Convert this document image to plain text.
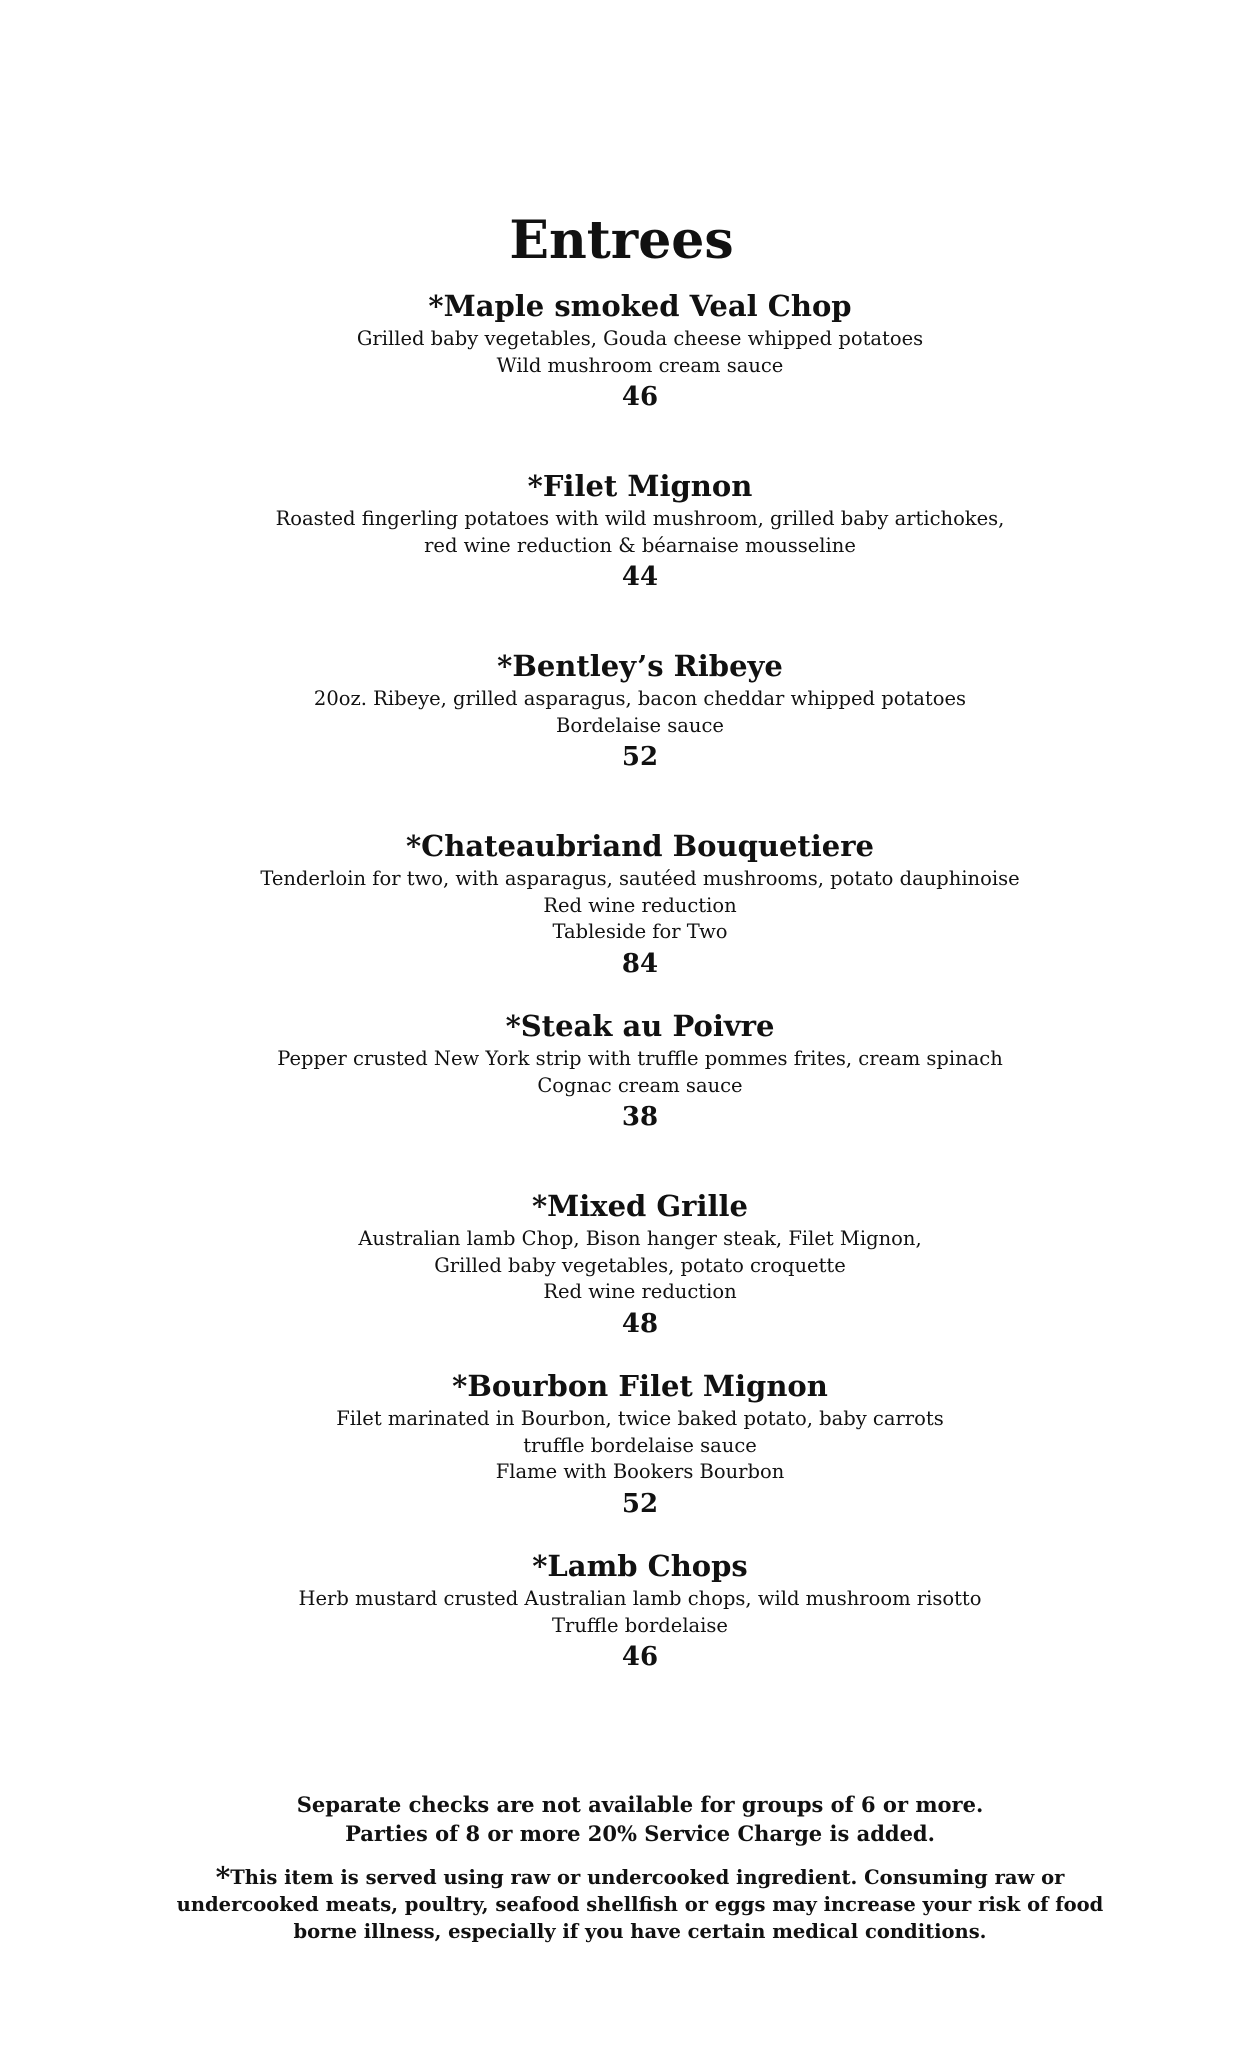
Entrees

*Maple smoked Veal Chop

Grilled baby vegetables, Gouda cheese whipped potatoes

Wild mushroom cream sauce

46

*Filet Mignon

Roasted fingerling potatoes with wild mushroom, grilled baby artichokes,

red wine reduction & béarnaise mousseline

44

*Bentley’s Ribeye

20oz. Ribeye, grilled asparagus, bacon cheddar whipped potatoes

Bordelaise sauce

52

*Chateaubriand Bouquetiere

Tenderloin for two, with asparagus, sautéed mushrooms, potato dauphinoise

Red wine reduction

Tableside for Two

84

*Steak au Poivre

Pepper crusted New York strip with truffle pommes frites, cream spinach

Cognac cream sauce

38

*Mixed Grille

Australian lamb Chop, Bison hanger steak, Filet Mignon,

Grilled baby vegetables, potato croquette

Red wine reduction

48

*Bourbon Filet Mignon

Filet marinated in Bourbon, twice baked potato, baby carrots

truffle bordelaise sauce

Flame with Bookers Bourbon

52

*Lamb Chops

Herb mustard crusted Australian lamb chops, wild mushroom risotto

Truffle bordelaise

46

Separate checks are not available for groups of 6 or more.

Parties of 8 or more 20% Service Charge is added.

*This item is served using raw or undercooked ingredient. Consuming raw or
undercooked meats, poultry, seafood shellfish or eggs may increase your risk of food
borne illness, especially if you have certain medical conditions.
